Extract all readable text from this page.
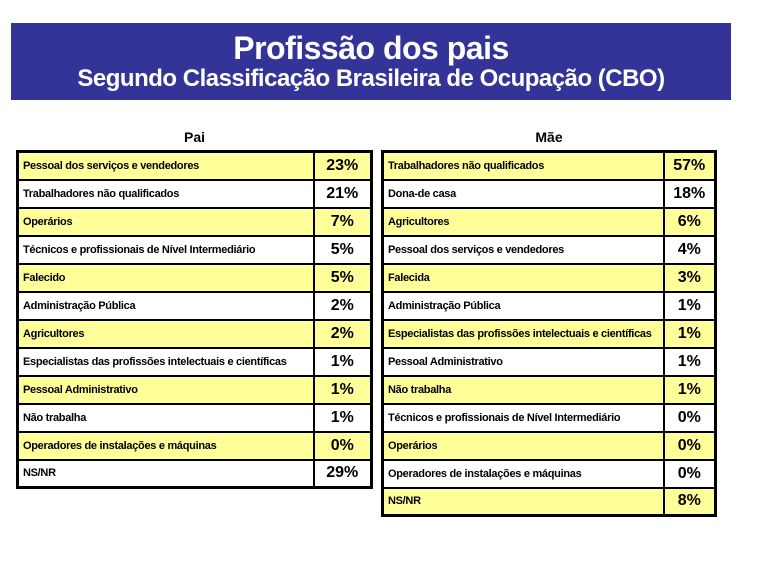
Profissão dos pais
Segundo Classificação Brasileira de Ocupação (CBO)
Pai
Pessoal dos serviços e vendedores	23%
Trabalhadores não qualificados	21%
Operários	7%
Técnicos e profissionais de Nível Intermediário	5%
Falecido	5%
Administração Pública	2%
Agricultores	2%
Especialistas das profissões intelectuais e científicas	1%
Pessoal Administrativo	1%
Não trabalha	1%
Operadores de instalações e máquinas	0%
NS/NR	29%
Mãe
Trabalhadores não qualificados	57%
Dona-de casa	18%
Agricultores	6%
Pessoal dos serviços e vendedores	4%
Falecida	3%
Administração Pública	1%
Especialistas das profissões intelectuais e científicas	1%
Pessoal Administrativo	1%
Não trabalha	1%
Técnicos e profissionais de Nível Intermediário	0%
Operários	0%
Operadores de instalações e máquinas	0%
NS/NR	8%
